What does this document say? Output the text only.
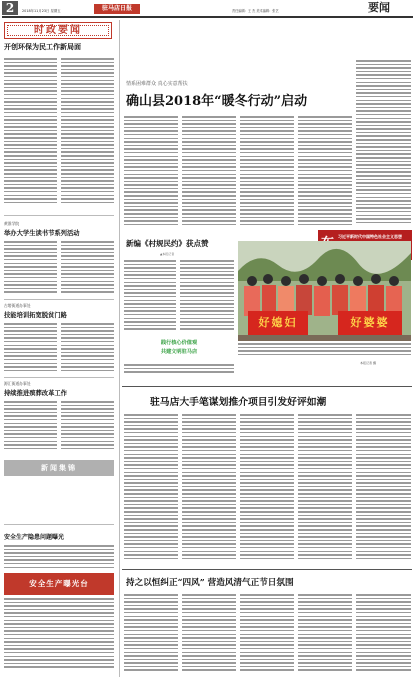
2	2018年11月23日 星期五	驻马店日报	责任编辑：王 杰 美术编辑：张艺	要闻
时政要闻
开创环保为民工作新局面
黄淮学院
举办大学生读书节系列活动
古塔街道办事处
技能培训拓宽脱贫门路
源汇街道办事处
持续推进殡葬改革工作
新闻集锦
安全生产隐患问题曝光
安全生产曝光台
情系困难群众 真心实意帮扶
确山县2018年“暖冬行动”启动
习近平新时代中国特色社会主义思想
新编《村规民约》获点赞
▲本报记者
践行核心价值观
共建文明驻马店
好媳妇	好婆婆
本报记者 摄
驻马店大手笔谋划推介项目引发好评如潮
持之以恒纠正“四风” 营造风清气正节日氛围
